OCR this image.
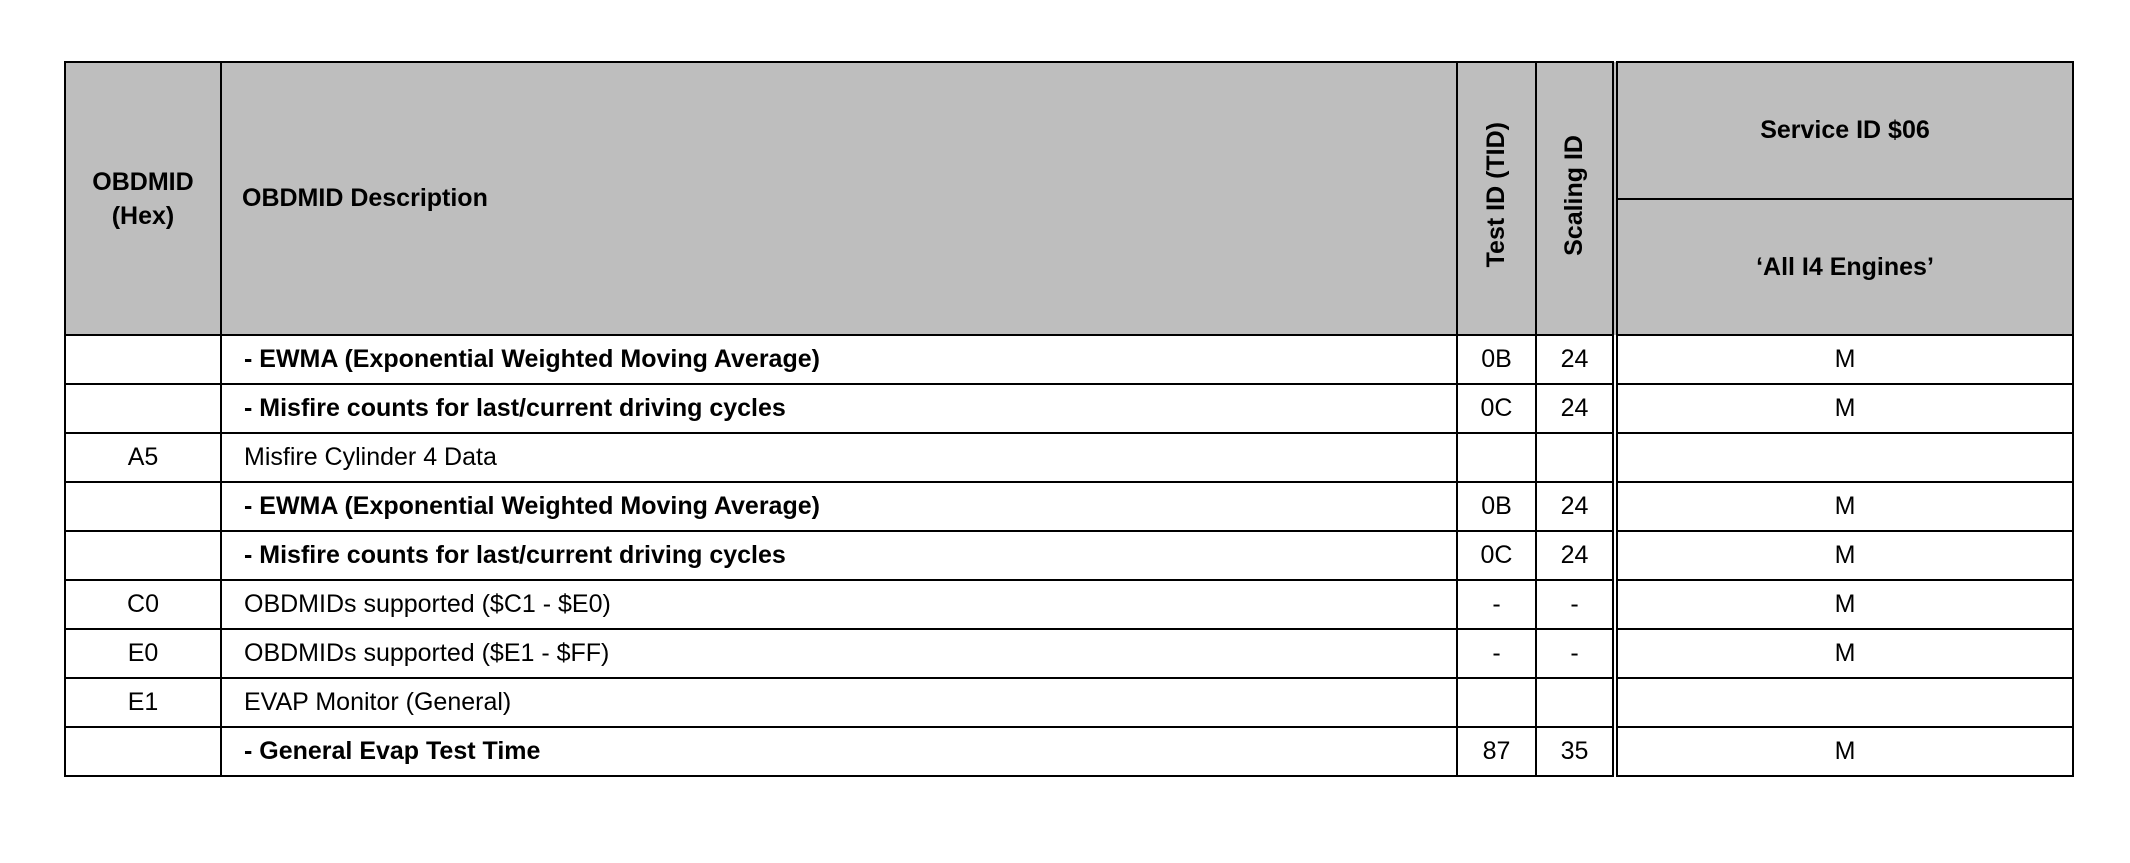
OBDMID (Hex)	OBDMID Description	Test ID (TID)	Scaling ID	Service ID $06
				‘All I4 Engines’
	- EWMA (Exponential Weighted Moving Average)	0B	24	M
	- Misfire counts for last/current driving cycles	0C	24	M
A5	Misfire Cylinder 4 Data			
	- EWMA (Exponential Weighted Moving Average)	0B	24	M
	- Misfire counts for last/current driving cycles	0C	24	M
C0	OBDMIDs supported ($C1 - $E0)	-	-	M
E0	OBDMIDs supported ($E1 - $FF)	-	-	M
E1	EVAP Monitor (General)			
	- General Evap Test Time	87	35	M
